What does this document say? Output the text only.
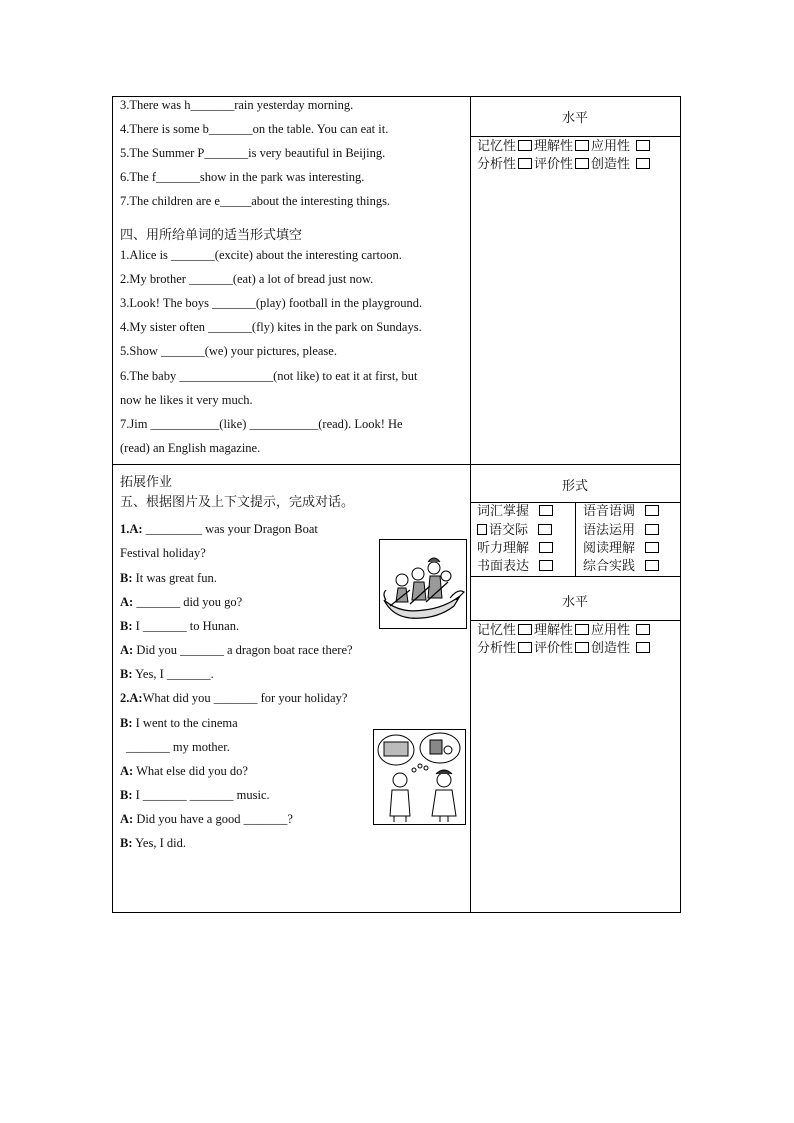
3.There was h_______rain yesterday morning.
4.There is some b_______on the table. You can eat it.
5.The Summer P_______is very beautiful in Beijing.
6.The f_______show in the park was interesting.
7.The children are e_____about the interesting things.
四、用所给单词的适当形式填空
1.Alice is _______(excite) about the interesting cartoon.
2.My brother _______(eat) a lot of bread just now.
3.Look! The boys _______(play) football in the playground.
4.My sister often _______(fly) kites in the park on Sundays.
5.Show _______(we) your pictures, please.
6.The baby _______________(not like) to eat it at first, but
now he likes it very much.
7.Jim ___________(like) ___________(read). Look! He
(read) an English magazine.
水平
记忆性 理解性 应用性
分析性 评价性 创造性
拓展作业
五、根据图片及上下文提示，完成对话。
1.A: _________ was your Dragon Boat
Festival holiday?
B: It was great fun.
A: _______ did you go?
B: I _______ to Hunan.
A: Did you _______ a dragon boat race there?
B: Yes, I _______.
2.A:What did you _______ for your holiday?
B: I went to the cinema
_______ my mother.
A: What else did you do?
B: I _______ _______ music.
A: Did you have a good _______?
B: Yes, I did.
形式
词汇掌握
语交际
听力理解
书面表达
语音语调
语法运用
阅读理解
综合实践
水平
记忆性 理解性 应用性
分析性 评价性 创造性
